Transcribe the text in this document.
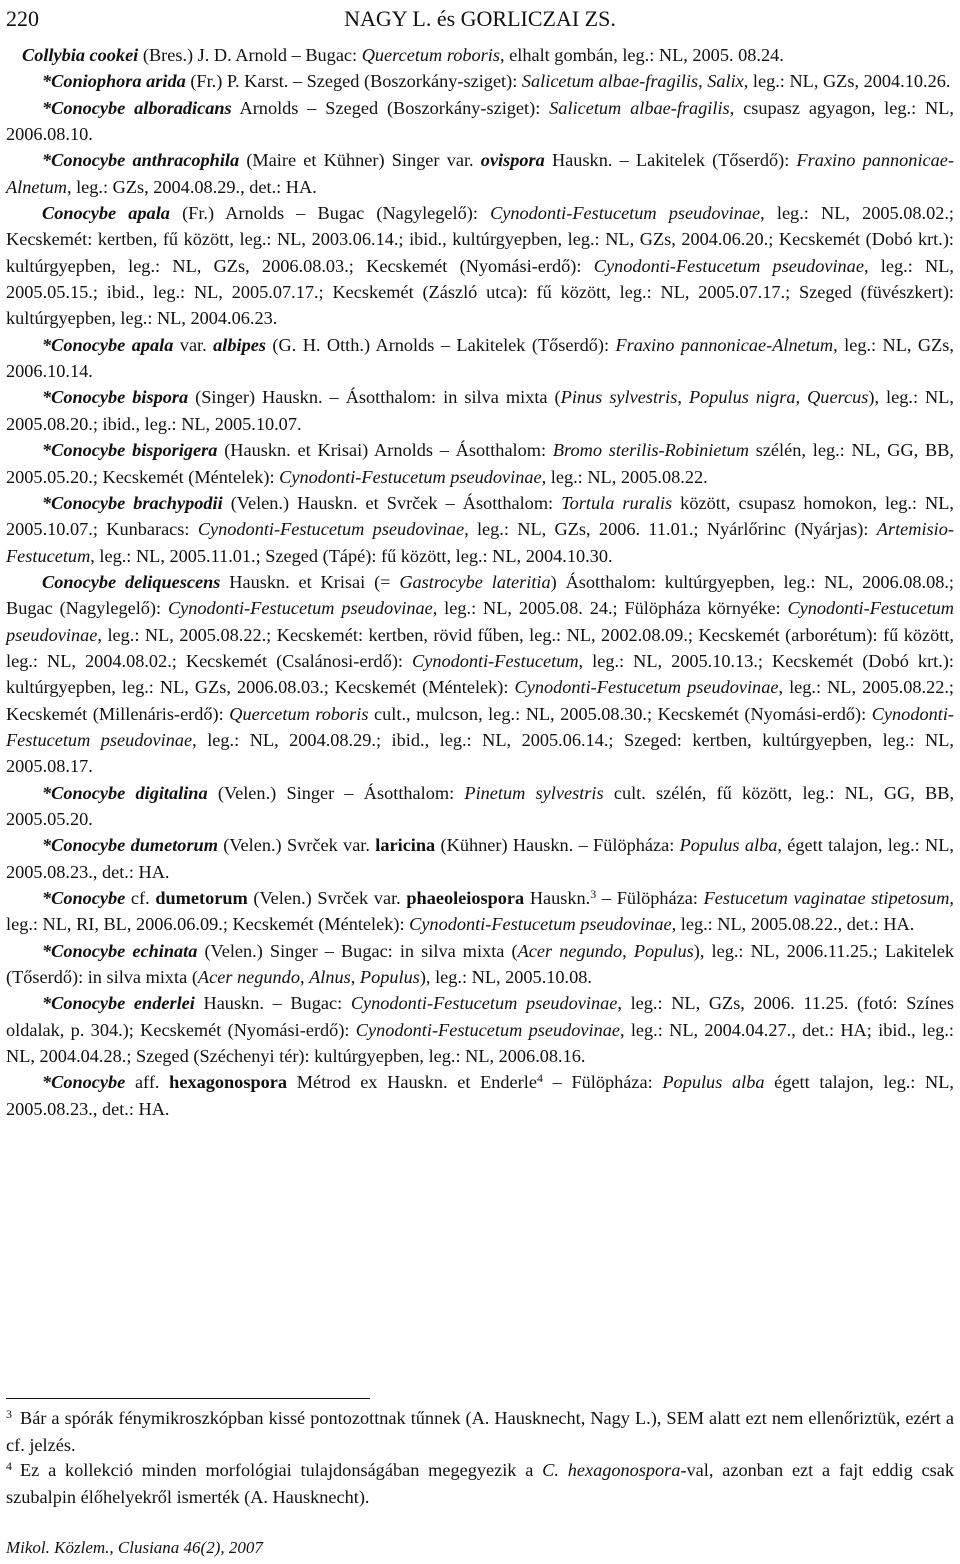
220	NAGY L. és GORLICZAI ZS.

Collybia cookei (Bres.) J. D. Arnold – Bugac: Quercetum roboris, elhalt gombán, leg.: NL, 2005. 08.24.

*Coniophora arida (Fr.) P. Karst. – Szeged (Boszorkány-sziget): Salicetum albae-fragilis, Salix, leg.: NL, GZs, 2004.10.26.

*Conocybe alboradicans Arnolds – Szeged (Boszorkány-sziget): Salicetum albae-fragilis, csupasz agyagon, leg.: NL, 2006.08.10.

*Conocybe anthracophila (Maire et Kühner) Singer var. ovispora Hauskn. – Lakitelek (Tőserdő): Fraxino pannonicae-Alnetum, leg.: GZs, 2004.08.29., det.: HA.

Conocybe apala (Fr.) Arnolds – Bugac (Nagylegelő): Cynodonti-Festucetum pseudovinae, leg.: NL, 2005.08.02.; Kecskemét: kertben, fű között, leg.: NL, 2003.06.14.; ibid., kultúrgyepben, leg.: NL, GZs, 2004.06.20.; Kecskemét (Dobó krt.): kultúrgyepben, leg.: NL, GZs, 2006.08.03.; Kecskemét (Nyomási-erdő): Cynodonti-Festucetum pseudovinae, leg.: NL, 2005.05.15.; ibid., leg.: NL, 2005.07.17.; Kecskemét (Zászló utca): fű között, leg.: NL, 2005.07.17.; Szeged (füvészkert): kultúrgyepben, leg.: NL, 2004.06.23.

*Conocybe apala var. albipes (G. H. Otth.) Arnolds – Lakitelek (Tőserdő): Fraxino pannonicae-Alnetum, leg.: NL, GZs, 2006.10.14.

*Conocybe bispora (Singer) Hauskn. – Ásotthalom: in silva mixta (Pinus sylvestris, Populus nigra, Quercus), leg.: NL, 2005.08.20.; ibid., leg.: NL, 2005.10.07.

*Conocybe bisporigera (Hauskn. et Krisai) Arnolds – Ásotthalom: Bromo sterilis-Robinietum szélén, leg.: NL, GG, BB, 2005.05.20.; Kecskemét (Méntelek): Cynodonti-Festucetum pseudovinae, leg.: NL, 2005.08.22.

*Conocybe brachypodii (Velen.) Hauskn. et Svrček – Ásotthalom: Tortula ruralis között, csupasz homokon, leg.: NL, 2005.10.07.; Kunbaracs: Cynodonti-Festucetum pseudovinae, leg.: NL, GZs, 2006. 11.01.; Nyárlőrinc (Nyárjas): Artemisio-Festucetum, leg.: NL, 2005.11.01.; Szeged (Tápé): fű között, leg.: NL, 2004.10.30.

Conocybe deliquescens Hauskn. et Krisai (= Gastrocybe lateritia) Ásotthalom: kultúrgyepben, leg.: NL, 2006.08.08.; Bugac (Nagylegelő): Cynodonti-Festucetum pseudovinae, leg.: NL, 2005.08. 24.; Fülöpháza környéke: Cynodonti-Festucetum pseudovinae, leg.: NL, 2005.08.22.; Kecskemét: kertben, rövid fűben, leg.: NL, 2002.08.09.; Kecskemét (arborétum): fű között, leg.: NL, 2004.08.02.; Kecskemét (Csalánosi-erdő): Cynodonti-Festucetum, leg.: NL, 2005.10.13.; Kecskemét (Dobó krt.): kultúrgyepben, leg.: NL, GZs, 2006.08.03.; Kecskemét (Méntelek): Cynodonti-Festucetum pseudovinae, leg.: NL, 2005.08.22.; Kecskemét (Millenáris-erdő): Quercetum roboris cult., mulcson, leg.: NL, 2005.08.30.; Kecskemét (Nyomási-erdő): Cynodonti-Festucetum pseudovinae, leg.: NL, 2004.08.29.; ibid., leg.: NL, 2005.06.14.; Szeged: kertben, kultúrgyepben, leg.: NL, 2005.08.17.

*Conocybe digitalina (Velen.) Singer – Ásotthalom: Pinetum sylvestris cult. szélén, fű között, leg.: NL, GG, BB, 2005.05.20.

*Conocybe dumetorum (Velen.) Svrček var. laricina (Kühner) Hauskn. – Fülöpháza: Populus alba, égett talajon, leg.: NL, 2005.08.23., det.: HA.

*Conocybe cf. dumetorum (Velen.) Svrček var. phaeoleiospora Hauskn.$^3$ – Fülöpháza: Festucetum vaginatae stipetosum, leg.: NL, RI, BL, 2006.06.09.; Kecskemét (Méntelek): Cynodonti-Festucetum pseudovinae, leg.: NL, 2005.08.22., det.: HA.

*Conocybe echinata (Velen.) Singer – Bugac: in silva mixta (Acer negundo, Populus), leg.: NL, 2006.11.25.; Lakitelek (Tőserdő): in silva mixta (Acer negundo, Alnus, Populus), leg.: NL, 2005.10.08.

*Conocybe enderlei Hauskn. – Bugac: Cynodonti-Festucetum pseudovinae, leg.: NL, GZs, 2006. 11.25. (fotó: Színes oldalak, p. 304.); Kecskemét (Nyomási-erdő): Cynodonti-Festucetum pseudovinae, leg.: NL, 2004.04.27., det.: HA; ibid., leg.: NL, 2004.04.28.; Szeged (Széchenyi tér): kultúrgyepben, leg.: NL, 2006.08.16.

*Conocybe aff. hexagonospora Métrod ex Hauskn. et Enderle$^4$ – Fülöpháza: Populus alba égett talajon, leg.: NL, 2005.08.23., det.: HA.

$^3$ Bár a spórák fénymikroszkópban kissé pontozottnak tűnnek (A. Hausknecht, Nagy L.), SEM alatt ezt nem ellenőriztük, ezért a cf. jelzés.

$^4$ Ez a kollekció minden morfológiai tulajdonságában megegyezik a C. hexagonospora-val, azonban ezt a fajt eddig csak szubalpin élőhelyekről ismerték (A. Hausknecht).

Mikol. Közlem., Clusiana 46(2), 2007
